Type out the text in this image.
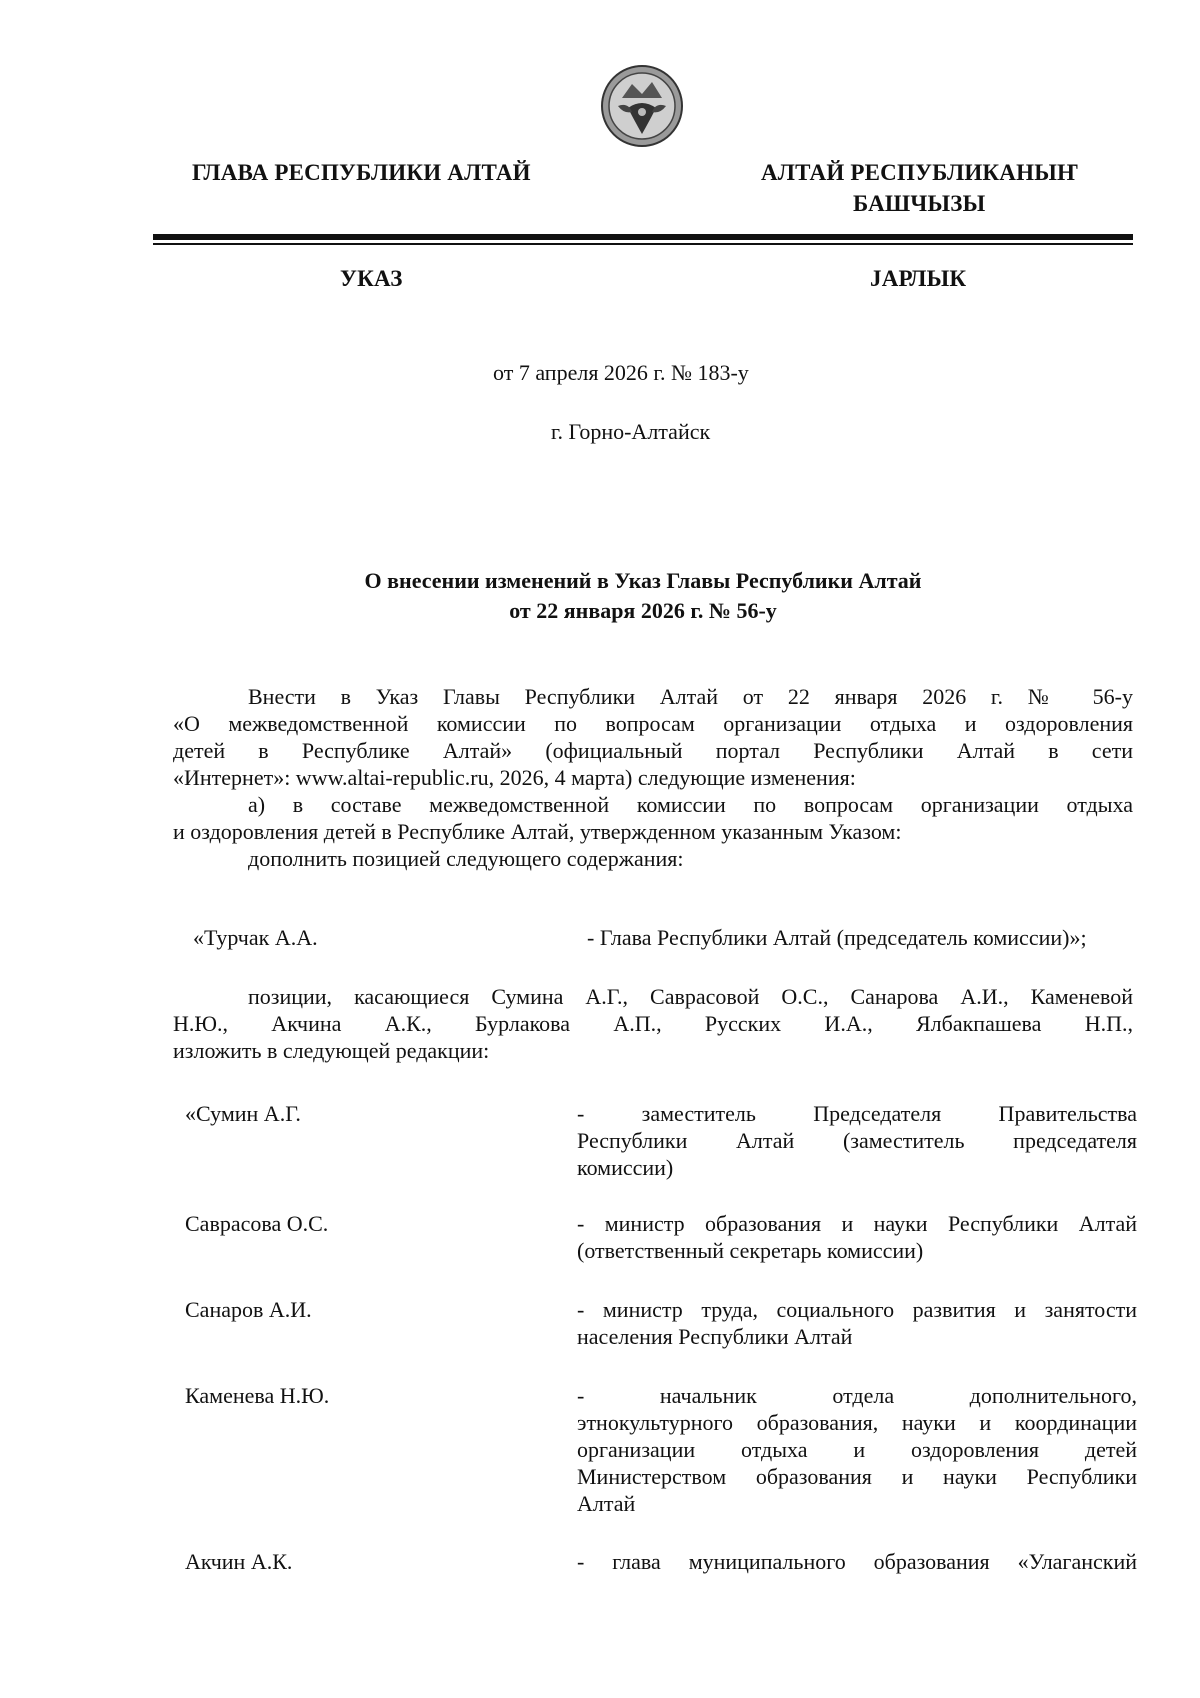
ГЛАВА РЕСПУБЛИКИ АЛТАЙ	АЛТАЙ РЕСПУБЛИКАНЫҤ
БАШЧЫЗЫ
УКАЗ	ЈАРЛЫК
от 7 апреля 2026 г. № 183-у
г. Горно-Алтайск
О внесении изменений в Указ Главы Республики Алтай
от 22 января 2026 г. № 56-у
Внести в Указ Главы Республики Алтай от 22 января 2026 г. № 56-у
«О межведомственной комиссии по вопросам организации отдыха и оздоровления
детей в Республике Алтай» (официальный портал Республики Алтай в сети
«Интернет»: www.altai-republic.ru, 2026, 4 марта) следующие изменения:
а) в составе межведомственной комиссии по вопросам организации отдыха
и оздоровления детей в Республике Алтай, утвержденном указанным Указом:
дополнить позицией следующего содержания:
«Турчак А.А.	- Глава Республики Алтай (председатель комиссии)»;
позиции, касающиеся Сумина А.Г., Саврасовой О.С., Санарова А.И., Каменевой
Н.Ю., Акчина А.К., Бурлакова А.П., Русских И.А., Ялбакпашева Н.П.,
изложить в следующей редакции:
«Сумин А.Г.	- заместитель Председателя Правительства
Республики Алтай (заместитель председателя
комиссии)
Саврасова О.С.	- министр образования и науки Республики Алтай
(ответственный секретарь комиссии)
Санаров А.И.	- министр труда, социального развития и занятости
населения Республики Алтай
Каменева Н.Ю.	- начальник отдела дополнительного,
этнокультурного образования, науки и координации
организации отдыха и оздоровления детей
Министерством образования и науки Республики
Алтай
Акчин А.К.	- глава муниципального образования «Улаганский
